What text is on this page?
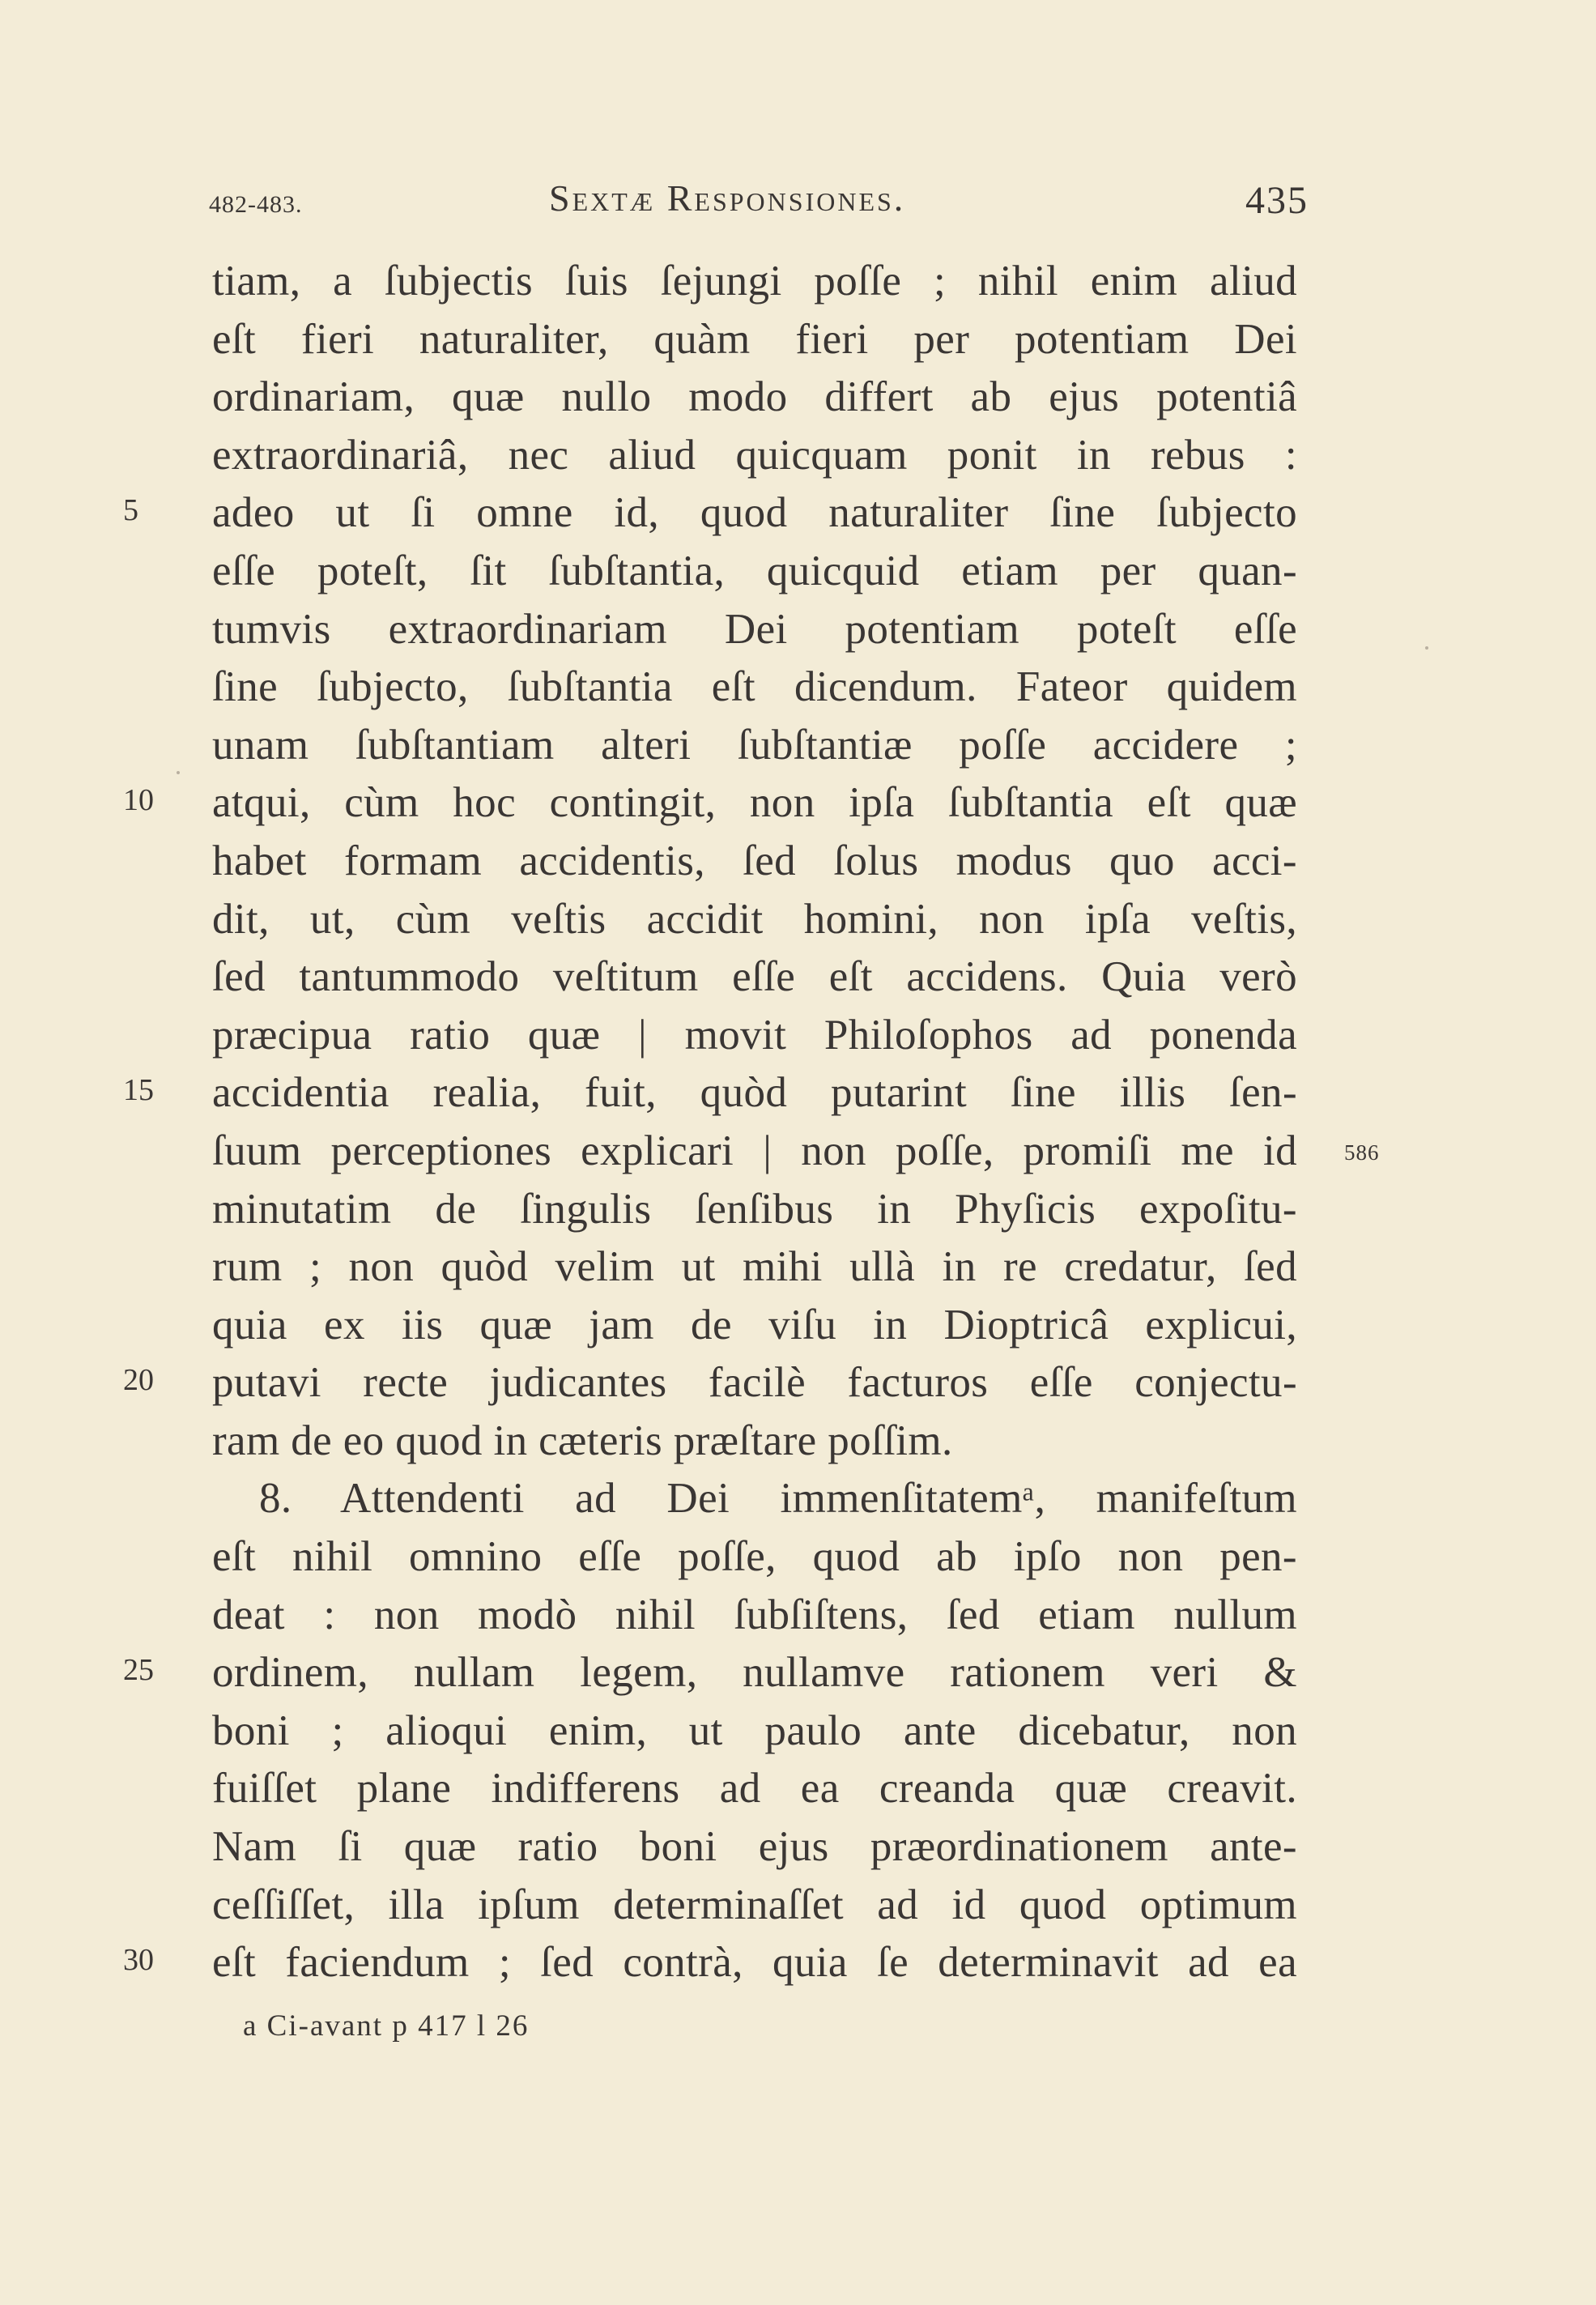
482-483.	Sextæ Responsiones.	435
tiam, a ſubjectis ſuis ſejungi poſſe ; nihil enim aliud
eſt fieri naturaliter, quàm fieri per potentiam Dei
ordinariam, quæ nullo modo differt ab ejus potentiâ
extraordinariâ, nec aliud quicquam ponit in rebus :
adeo ut ſi omne id, quod naturaliter ſine ſubjecto
eſſe poteſt, ſit ſubſtantia, quicquid etiam per quan-
tumvis extraordinariam Dei potentiam poteſt eſſe
ſine ſubjecto, ſubſtantia eſt dicendum. Fateor quidem
unam ſubſtantiam alteri ſubſtantiæ poſſe accidere ;
atqui, cùm hoc contingit, non ipſa ſubſtantia eſt quæ
habet formam accidentis, ſed ſolus modus quo acci-
dit, ut, cùm veſtis accidit homini, non ipſa veſtis,
ſed tantummodo veſtitum eſſe eſt accidens. Quia verò
præcipua ratio quæ | movit Philoſophos ad ponenda
accidentia realia, fuit, quòd putarint ſine illis ſen-
ſuum perceptiones explicari | non poſſe, promiſi me id
minutatim de ſingulis ſenſibus in Phyſicis expoſitu-
rum ; non quòd velim ut mihi ullà in re credatur, ſed
quia ex iis quæ jam de viſu in Dioptricâ explicui,
putavi recte judicantes facilè facturos eſſe conjectu-
ram de eo quod in cæteris præſtare poſſim.
8. Attendenti ad Dei immenſitatemᵃ, manifeſtum
eſt nihil omnino eſſe poſſe, quod ab ipſo non pen-
deat : non modò nihil ſubſiſtens, ſed etiam nullum
ordinem, nullam legem, nullamve rationem veri &
boni ; alioqui enim, ut paulo ante dicebatur, non
fuiſſet plane indifferens ad ea creanda quæ creavit.
Nam ſi quæ ratio boni ejus præordinationem ante-
ceſſiſſet, illa ipſum determinaſſet ad id quod optimum
eſt faciendum ; ſed contrà, quia ſe determinavit ad ea
5
10
15
20
25
30
586
a Ci-avant p 417 l 26
